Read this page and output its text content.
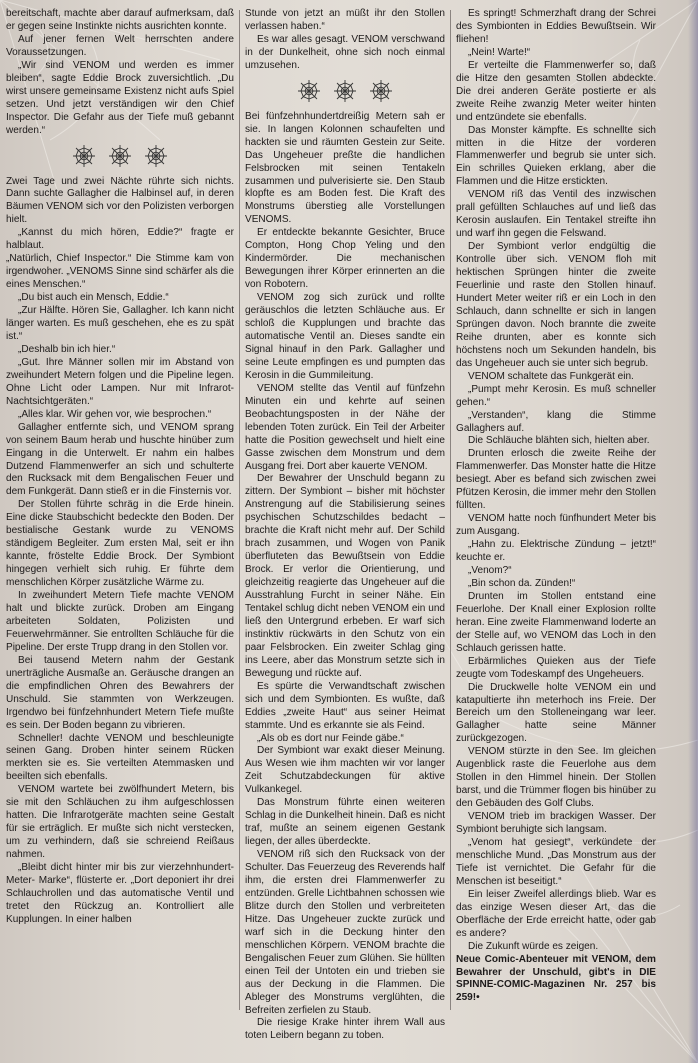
bereitschaft, machte aber darauf aufmerksam, daß er gegen seine Instinkte nichts ausrichten konnte.

Auf jener fernen Welt herrschten andere Voraussetzungen.

„Wir sind VENOM und werden es immer bleiben“, sagte Eddie Brock zuversichtlich. „Du wirst unsere gemeinsame Existenz nicht aufs Spiel setzen. Und jetzt verständigen wir den Chief Inspector. Die Gefahr aus der Tiefe muß gebannt werden.“

Zwei Tage und zwei Nächte rührte sich nichts. Dann suchte Gallagher die Halbinsel auf, in deren Bäumen VENOM sich vor den Polizisten verborgen hielt.

„Kannst du mich hören, Eddie?“ fragte er halblaut.

„Natürlich, Chief Inspector.“ Die Stimme kam von irgendwoher. „VENOMS Sinne sind schärfer als die eines Menschen.“

„Du bist auch ein Mensch, Eddie.“

„Zur Hälfte. Hören Sie, Gallagher. Ich kann nicht länger warten. Es muß geschehen, ehe es zu spät ist.“

„Deshalb bin ich hier.“

„Gut. Ihre Männer sollen mir im Abstand von zweihundert Metern folgen und die Pipeline legen. Ohne Licht oder Lampen. Nur mit Infrarot-Nachtsichtgeräten.“

„Alles klar. Wir gehen vor, wie besprochen.“

Gallagher entfernte sich, und VENOM sprang von seinem Baum herab und huschte hinüber zum Eingang in die Unterwelt. Er nahm ein halbes Dutzend Flammenwerfer an sich und schulterte den Rucksack mit dem Bengalischen Feuer und dem Funkgerät. Dann stieß er in die Finsternis vor.

Der Stollen führte schräg in die Erde hinein. Eine dicke Staubschicht bedeckte den Boden. Der bestialische Gestank wurde zu VENOMS ständigem Begleiter. Zum ersten Mal, seit er ihn kannte, fröstelte Eddie Brock. Der Symbiont hingegen verhielt sich ruhig. Er führte dem menschlichen Körper zusätzliche Wärme zu.

In zweihundert Metern Tiefe machte VENOM halt und blickte zurück. Droben am Eingang arbeiteten Soldaten, Polizisten und Feuerwehrmänner. Sie entrollten Schläuche für die Pipeline. Der erste Trupp drang in den Stollen vor.

Bei tausend Metern nahm der Gestank unerträgliche Ausmaße an. Geräusche drangen an die empfindlichen Ohren des Bewahrers der Unschuld. Sie stammten von Werkzeugen. Irgendwo bei fünfzehnhundert Metern Tiefe mußte es sein. Der Boden begann zu vibrieren.

Schneller! dachte VENOM und beschleunigte seinen Gang. Droben hinter seinem Rücken merkten sie es. Sie verteilten Atemmasken und beeilten sich ebenfalls.

VENOM wartete bei zwölfhundert Metern, bis sie mit den Schläuchen zu ihm aufgeschlossen hatten. Die Infrarotgeräte machten seine Gestalt für sie erträglich. Er mußte sich nicht verstecken, um zu verhindern, daß sie schreiend Reißaus nahmen.

„Bleibt dicht hinter mir bis zur vierzehnhundert-Meter- Marke“, flüsterte er. „Dort deponiert ihr drei Schlauchrollen und das automatische Ventil und tretet den Rückzug an. Kontrolliert alle Kupplungen. In einer halben

Stunde von jetzt an müßt ihr den Stollen verlassen haben.“

Es war alles gesagt. VENOM verschwand in der Dunkelheit, ohne sich noch einmal umzusehen.

Bei fünfzehnhundertdreißig Metern sah er sie. In langen Kolonnen schaufelten und hackten sie und räumten Gestein zur Seite. Das Ungeheuer preßte die handlichen Felsbrocken mit seinen Tentakeln zusammen und pulverisierte sie. Den Staub klopfte es am Boden fest. Die Kraft des Monstrums überstieg alle Vorstellungen VENOMS.

Er entdeckte bekannte Gesichter, Bruce Compton, Hong Chop Yeling und den Kindermörder. Die mechanischen Bewegungen ihrer Körper erinnerten an die von Robotern.

VENOM zog sich zurück und rollte geräuschlos die letzten Schläuche aus. Er schloß die Kupplungen und brachte das automatische Ventil an. Dieses sandte ein Signal hinauf in den Park. Gallagher und seine Leute empfingen es und pumpten das Kerosin in die Gummileitung.

VENOM stellte das Ventil auf fünfzehn Minuten ein und kehrte auf seinen Beobachtungsposten in der Nähe der lebenden Toten zurück. Ein Teil der Arbeiter hatte die Position gewechselt und hielt eine Gasse zwischen dem Monstrum und dem Ausgang frei. Dort aber kauerte VENOM.

Der Bewahrer der Unschuld begann zu zittern. Der Symbiont – bisher mit höchster Anstrengung auf die Stabilisierung seines psychischen Schutzschildes bedacht – brachte die Kraft nicht mehr auf. Der Schild brach zusammen, und Wogen von Panik überfluteten das Bewußtsein von Eddie Brock. Er verlor die Orientierung, und gleichzeitig reagierte das Ungeheuer auf die Ausstrahlung Furcht in seiner Nähe. Ein Tentakel schlug dicht neben VENOM ein und ließ den Untergrund erbeben. Er warf sich instinktiv rückwärts in den Schutz von ein paar Felsbrocken. Ein zweiter Schlag ging ins Leere, aber das Monstrum setzte sich in Bewegung und rückte auf.

Es spürte die Verwandtschaft zwischen sich und dem Symbionten. Es wußte, daß Eddies „zweite Haut“ aus seiner Heimat stammte. Und es erkannte sie als Feind.

„Als ob es dort nur Feinde gäbe.“

Der Symbiont war exakt dieser Meinung. Aus Wesen wie ihm machten wir vor langer Zeit Schutzabdeckungen für aktive Vulkankegel.

Das Monstrum führte einen weiteren Schlag in die Dunkelheit hinein. Daß es nicht traf, mußte an seinem eigenen Gestank liegen, der alles überdeckte.

VENOM riß sich den Rucksack von der Schulter. Das Feuerzeug des Reverends half ihm, die ersten drei Flammenwerfer zu entzünden. Grelle Lichtbahnen schossen wie Blitze durch den Stollen und verbreiteten Hitze. Das Ungeheuer zuckte zurück und warf sich in die Deckung hinter den menschlichen Körpern. VENOM brachte die Bengalischen Feuer zum Glühen. Sie hüllten einen Teil der Untoten ein und trieben sie aus der Deckung in die Flammen. Die Ableger des Monstrums verglühten, die Befreiten zerfielen zu Staub.

Die riesige Krake hinter ihrem Wall aus toten Leibern begann zu toben.

Es springt! Schmerzhaft drang der Schrei des Symbionten in Eddies Bewußtsein. Wir fliehen!

„Nein! Warte!“

Er verteilte die Flammenwerfer so, daß die Hitze den gesamten Stollen abdeckte. Die drei anderen Geräte postierte er als zweite Reihe zwanzig Meter weiter hinten und entzündete sie ebenfalls.

Das Monster kämpfte. Es schnellte sich mitten in die Hitze der vorderen Flammenwerfer und begrub sie unter sich. Ein schrilles Quieken erklang, aber die Flammen und die Hitze erstickten.

VENOM riß das Ventil des inzwischen prall gefüllten Schlauches auf und ließ das Kerosin auslaufen. Ein Tentakel streifte ihn und warf ihn gegen die Felswand.

Der Symbiont verlor endgültig die Kontrolle über sich. VENOM floh mit hektischen Sprüngen hinter die zweite Feuerlinie und raste den Stollen hinauf. Hundert Meter weiter riß er ein Loch in den Schlauch, dann schnellte er sich in langen Sprüngen davon. Noch brannte die zweite Reihe drunten, aber es konnte sich höchstens noch um Sekunden handeln, bis das Ungeheuer auch sie unter sich begrub.

VENOM schaltete das Funkgerät ein.

„Pumpt mehr Kerosin. Es muß schneller gehen.“

„Verstanden“, klang die Stimme Gallaghers auf.

Die Schläuche blähten sich, hielten aber.

Drunten erlosch die zweite Reihe der Flammenwerfer. Das Monster hatte die Hitze besiegt. Aber es befand sich zwischen zwei Pfützen Kerosin, die immer mehr den Stollen füllten.

VENOM hatte noch fünfhundert Meter bis zum Ausgang.

„Hahn zu. Elektrische Zündung – jetzt!“ keuchte er.

„Venom?“

„Bin schon da. Zünden!“

Drunten im Stollen entstand eine Feuerlohe. Der Knall einer Explosion rollte heran. Eine zweite Flammenwand loderte an der Stelle auf, wo VENOM das Loch in den Schlauch gerissen hatte.

Erbärmliches Quieken aus der Tiefe zeugte vom Todeskampf des Ungeheuers.

Die Druckwelle holte VENOM ein und katapultierte ihn meterhoch ins Freie. Der Bereich um den Stolleneingang war leer. Gallagher hatte seine Männer zurückgezogen.

VENOM stürzte in den See. Im gleichen Augenblick raste die Feuerlohe aus dem Stollen in den Himmel hinein. Der Stollen barst, und die Trümmer flogen bis hinüber zu den Gebäuden des Golf Clubs.

VENOM trieb im brackigen Wasser. Der Symbiont beruhigte sich langsam.

„Venom hat gesiegt“, verkündete der menschliche Mund. „Das Monstrum aus der Tiefe ist vernichtet. Die Gefahr für die Menschen ist beseitigt.“

Ein leiser Zweifel allerdings blieb. War es das einzige Wesen dieser Art, das die Oberfläche der Erde erreicht hatte, oder gab es andere?

Die Zukunft würde es zeigen.

Neue Comic-Abenteuer mit VENOM, dem Bewahrer der Unschuld, gibt's in DIE SPINNE-COMIC-Magazinen Nr. 257 bis 259!•
